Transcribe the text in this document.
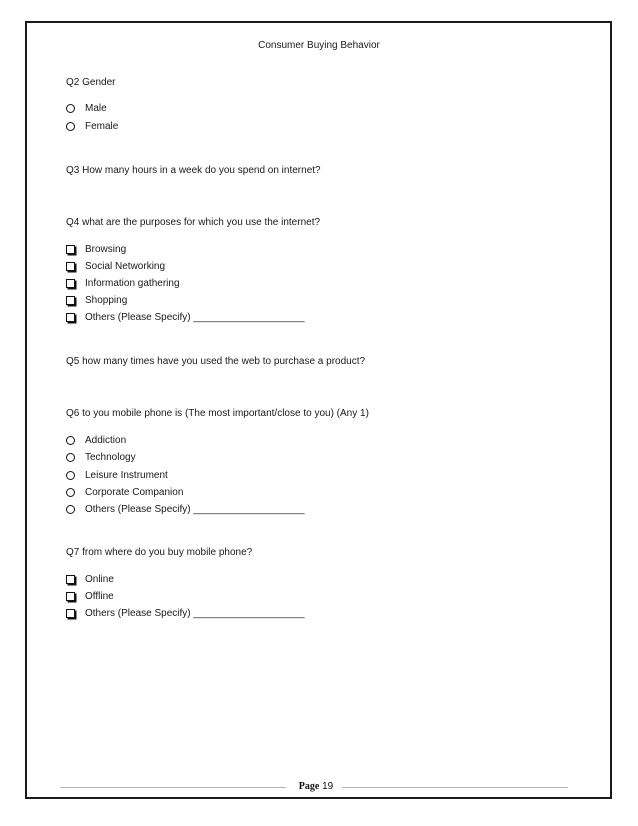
Consumer Buying Behavior
Q2 Gender
Male
Female
Q3 How many hours in a week do you spend on internet?
Q4 what are the purposes for which you use the internet?
Browsing
Social Networking
Information gathering
Shopping
Others (Please Specify) ____________________
Q5 how many times have you used the web to purchase a product?
Q6 to you mobile phone is (The most important/close to you) (Any 1)
Addiction
Technology
Leisure Instrument
Corporate Companion
Others (Please Specify) ____________________
Q7 from where do you buy mobile phone?
Online
Offline
Others (Please Specify) ____________________
Page 19
